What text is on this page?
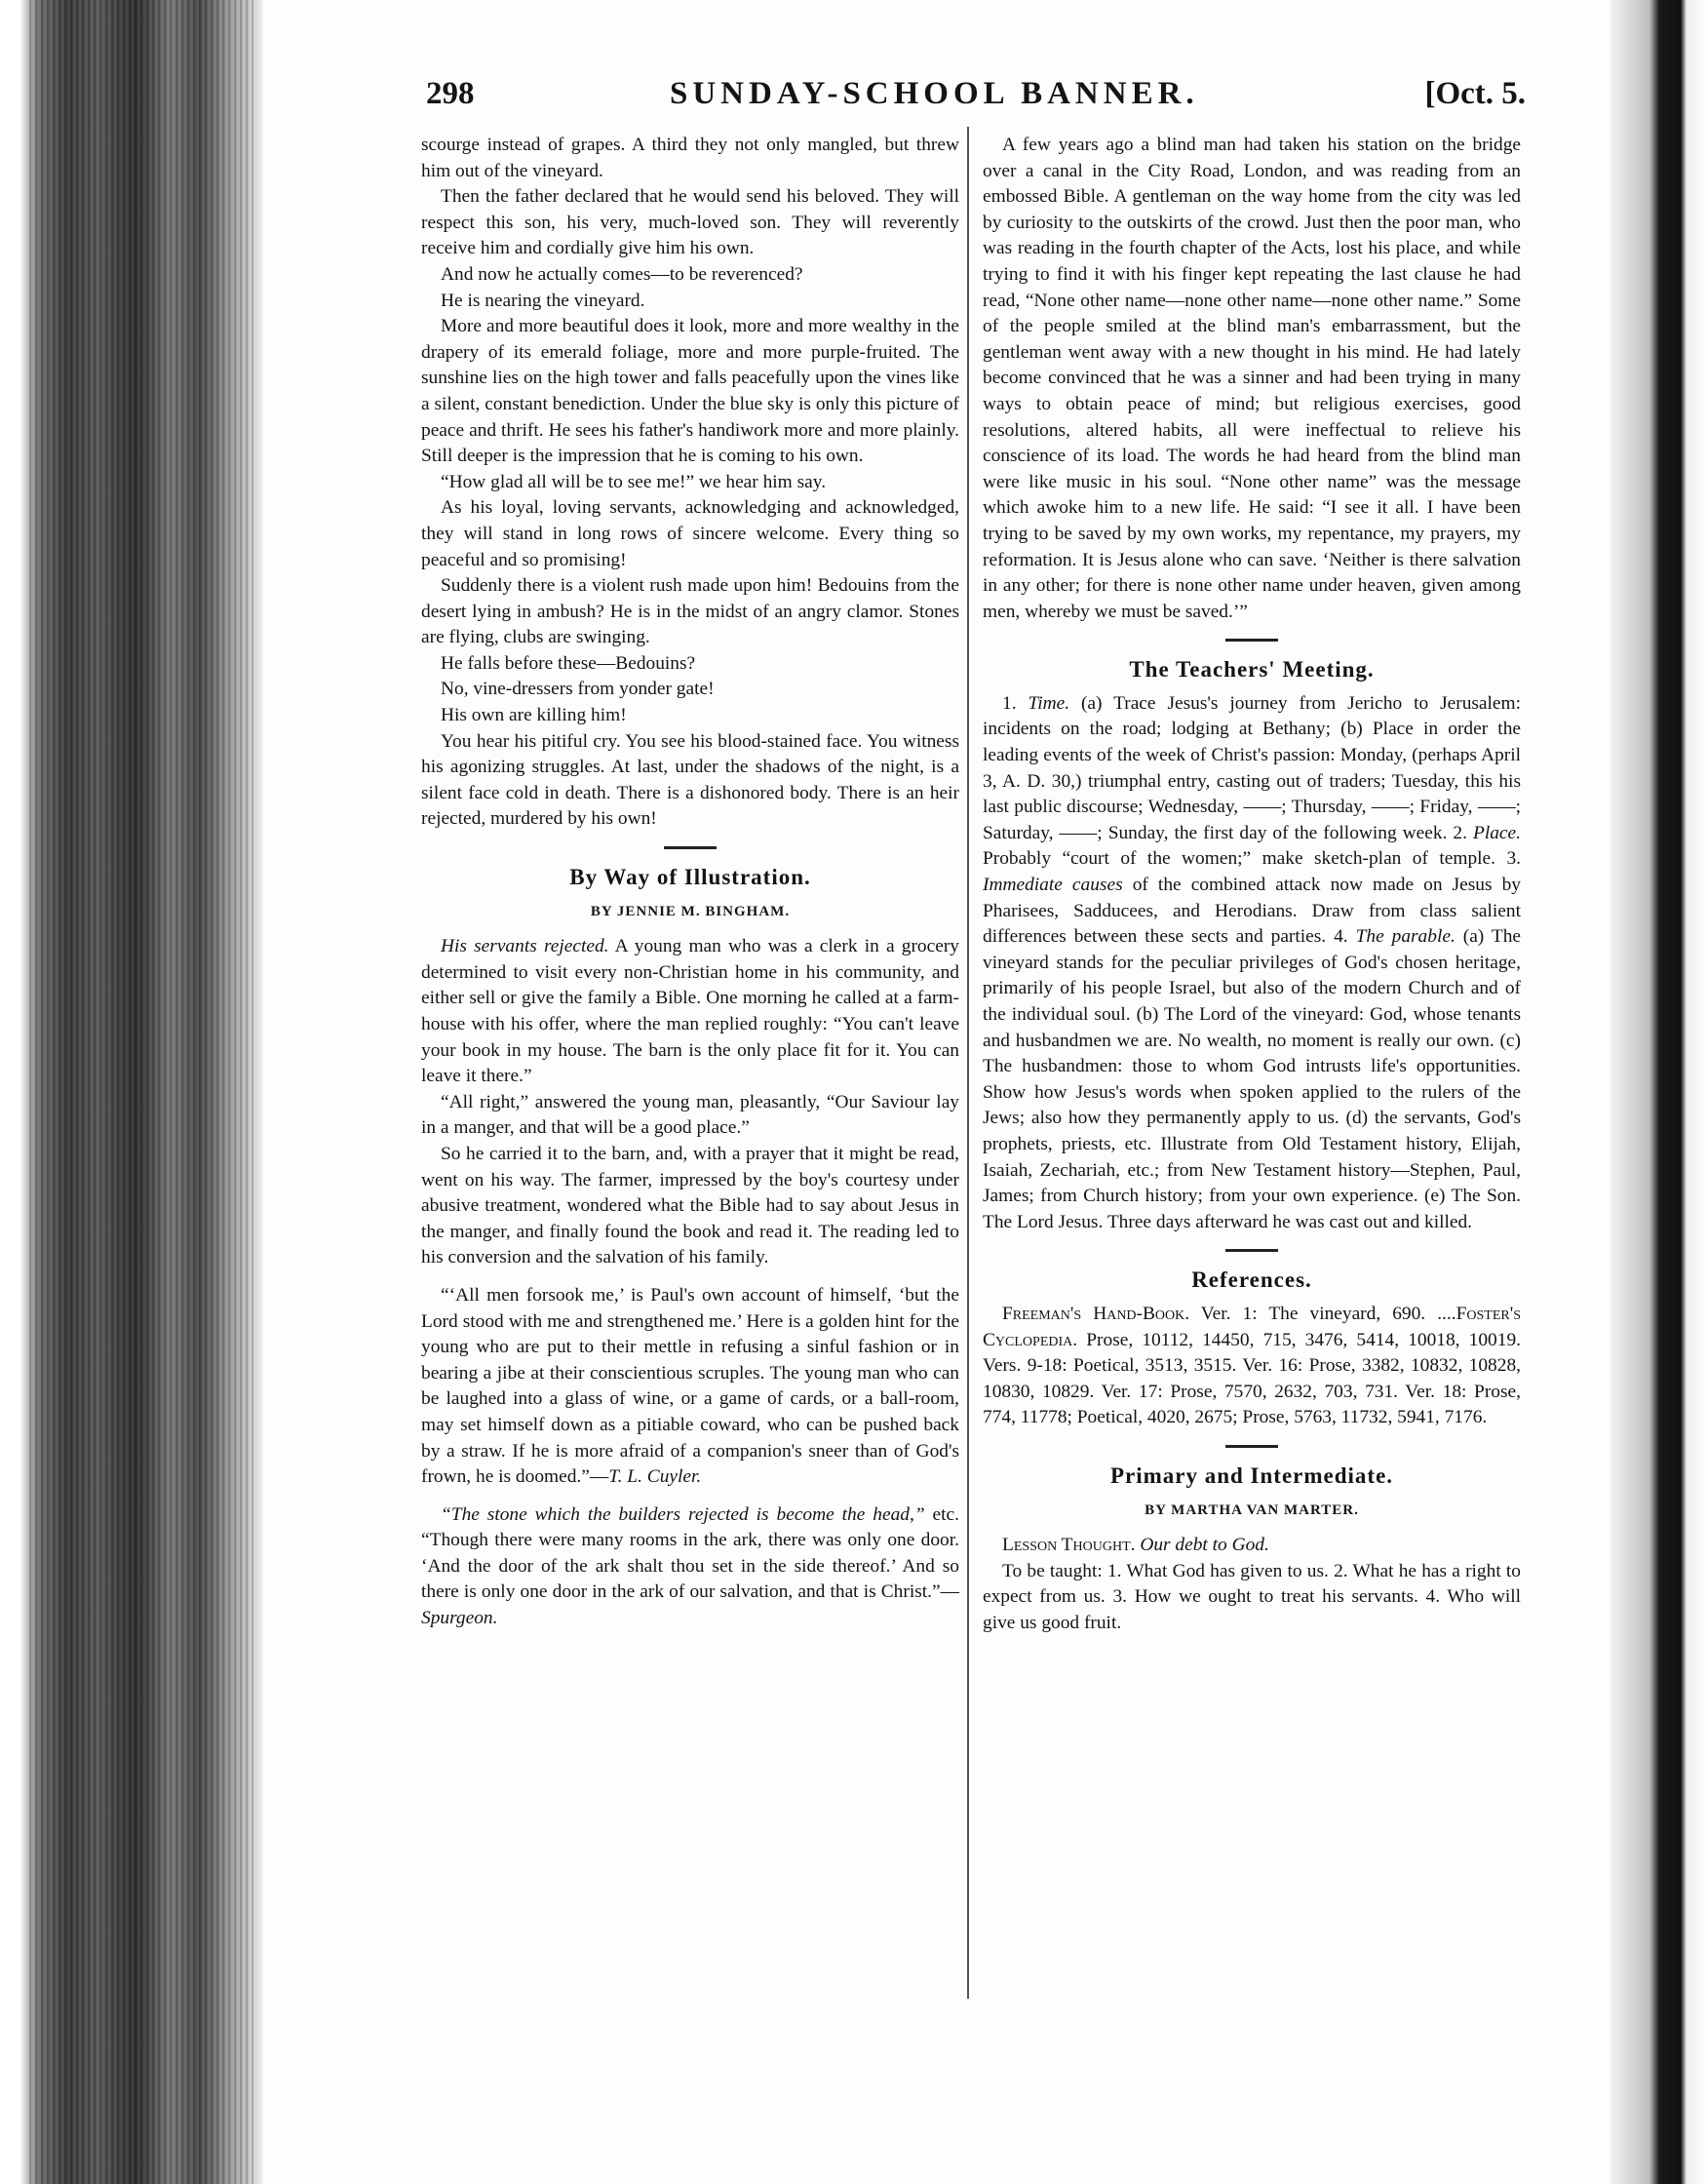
298	SUNDAY-SCHOOL BANNER.	[Oct. 5.

scourge instead of grapes. A third they not only mangled, but threw him out of the vineyard.

Then the father declared that he would send his beloved. They will respect this son, his very, much-loved son. They will reverently receive him and cordially give him his own.

And now he actually comes—to be reverenced?

He is nearing the vineyard.

More and more beautiful does it look, more and more wealthy in the drapery of its emerald foliage, more and more purple-fruited. The sunshine lies on the high tower and falls peacefully upon the vines like a silent, constant benediction. Under the blue sky is only this picture of peace and thrift. He sees his father's handiwork more and more plainly. Still deeper is the impression that he is coming to his own.

“How glad all will be to see me!” we hear him say.

As his loyal, loving servants, acknowledging and acknowledged, they will stand in long rows of sincere welcome. Every thing so peaceful and so promising!

Suddenly there is a violent rush made upon him! Bedouins from the desert lying in ambush? He is in the midst of an angry clamor. Stones are flying, clubs are swinging.

He falls before these—Bedouins?

No, vine-dressers from yonder gate!

His own are killing him!

You hear his pitiful cry. You see his blood-stained face. You witness his agonizing struggles. At last, under the shadows of the night, is a silent face cold in death. There is a dishonored body. There is an heir rejected, murdered by his own!

By Way of Illustration.
BY JENNIE M. BINGHAM.

His servants rejected. A young man who was a clerk in a grocery determined to visit every non-Christian home in his community, and either sell or give the family a Bible. One morning he called at a farm-house with his offer, where the man replied roughly: “You can't leave your book in my house. The barn is the only place fit for it. You can leave it there.”

“All right,” answered the young man, pleasantly, “Our Saviour lay in a manger, and that will be a good place.”

So he carried it to the barn, and, with a prayer that it might be read, went on his way. The farmer, impressed by the boy's courtesy under abusive treatment, wondered what the Bible had to say about Jesus in the manger, and finally found the book and read it. The reading led to his conversion and the salvation of his family.

“‘All men forsook me,’ is Paul's own account of himself, ‘but the Lord stood with me and strengthened me.’ Here is a golden hint for the young who are put to their mettle in refusing a sinful fashion or in bearing a jibe at their conscientious scruples. The young man who can be laughed into a glass of wine, or a game of cards, or a ball-room, may set himself down as a pitiable coward, who can be pushed back by a straw. If he is more afraid of a companion's sneer than of God's frown, he is doomed.”—T. L. Cuyler.

“The stone which the builders rejected is become the head,” etc. “Though there were many rooms in the ark, there was only one door. ‘And the door of the ark shalt thou set in the side thereof.’ And so there is only one door in the ark of our salvation, and that is Christ.”—Spurgeon.

A few years ago a blind man had taken his station on the bridge over a canal in the City Road, London, and was reading from an embossed Bible. A gentleman on the way home from the city was led by curiosity to the outskirts of the crowd. Just then the poor man, who was reading in the fourth chapter of the Acts, lost his place, and while trying to find it with his finger kept repeating the last clause he had read, “None other name—none other name—none other name.” Some of the people smiled at the blind man's embarrassment, but the gentleman went away with a new thought in his mind. He had lately become convinced that he was a sinner and had been trying in many ways to obtain peace of mind; but religious exercises, good resolutions, altered habits, all were ineffectual to relieve his conscience of its load. The words he had heard from the blind man were like music in his soul. “None other name” was the message which awoke him to a new life. He said: “I see it all. I have been trying to be saved by my own works, my repentance, my prayers, my reformation. It is Jesus alone who can save. ‘Neither is there salvation in any other; for there is none other name under heaven, given among men, whereby we must be saved.’”

The Teachers' Meeting.

1. Time. (a) Trace Jesus's journey from Jericho to Jerusalem: incidents on the road; lodging at Bethany; (b) Place in order the leading events of the week of Christ's passion: Monday, (perhaps April 3, A. D. 30,) triumphal entry, casting out of traders; Tuesday, this his last public discourse; Wednesday, ——; Thursday, ——; Friday, ——; Saturday, ——; Sunday, the first day of the following week. 2. Place. Probably “court of the women;” make sketch-plan of temple. 3. Immediate causes of the combined attack now made on Jesus by Pharisees, Sadducees, and Herodians. Draw from class salient differences between these sects and parties. 4. The parable. (a) The vineyard stands for the peculiar privileges of God's chosen heritage, primarily of his people Israel, but also of the modern Church and of the individual soul. (b) The Lord of the vineyard: God, whose tenants and husbandmen we are. No wealth, no moment is really our own. (c) The husbandmen: those to whom God intrusts life's opportunities. Show how Jesus's words when spoken applied to the rulers of the Jews; also how they permanently apply to us. (d) the servants, God's prophets, priests, etc. Illustrate from Old Testament history, Elijah, Isaiah, Zechariah, etc.; from New Testament history—Stephen, Paul, James; from Church history; from your own experience. (e) The Son. The Lord Jesus. Three days afterward he was cast out and killed.

References.

Freeman's Hand-Book. Ver. 1: The vineyard, 690. ....Foster's Cyclopedia. Prose, 10112, 14450, 715, 3476, 5414, 10018, 10019. Vers. 9-18: Poetical, 3513, 3515. Ver. 16: Prose, 3382, 10832, 10828, 10830, 10829. Ver. 17: Prose, 7570, 2632, 703, 731. Ver. 18: Prose, 774, 11778; Poetical, 4020, 2675; Prose, 5763, 11732, 5941, 7176.

Primary and Intermediate.
BY MARTHA VAN MARTER.

Lesson Thought. Our debt to God.

To be taught: 1. What God has given to us. 2. What he has a right to expect from us. 3. How we ought to treat his servants. 4. Who will give us good fruit.
